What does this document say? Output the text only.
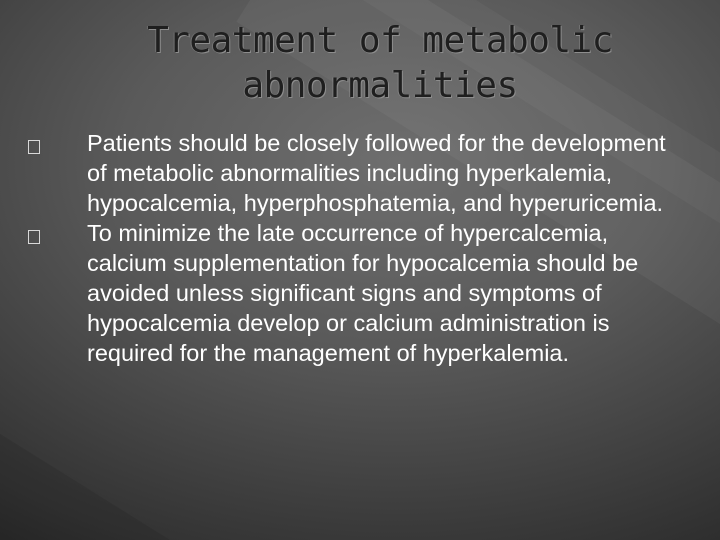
Treatment of metabolic
abnormalities
Patients should be closely followed for the development of metabolic abnormalities including hyperkalemia, hypocalcemia, hyperphosphatemia, and hyperuricemia.
To minimize the late occurrence of hypercalcemia, calcium supplementation for hypocalcemia should be avoided unless significant signs and symptoms of hypocalcemia develop or calcium administration is required for the management of hyperkalemia.
